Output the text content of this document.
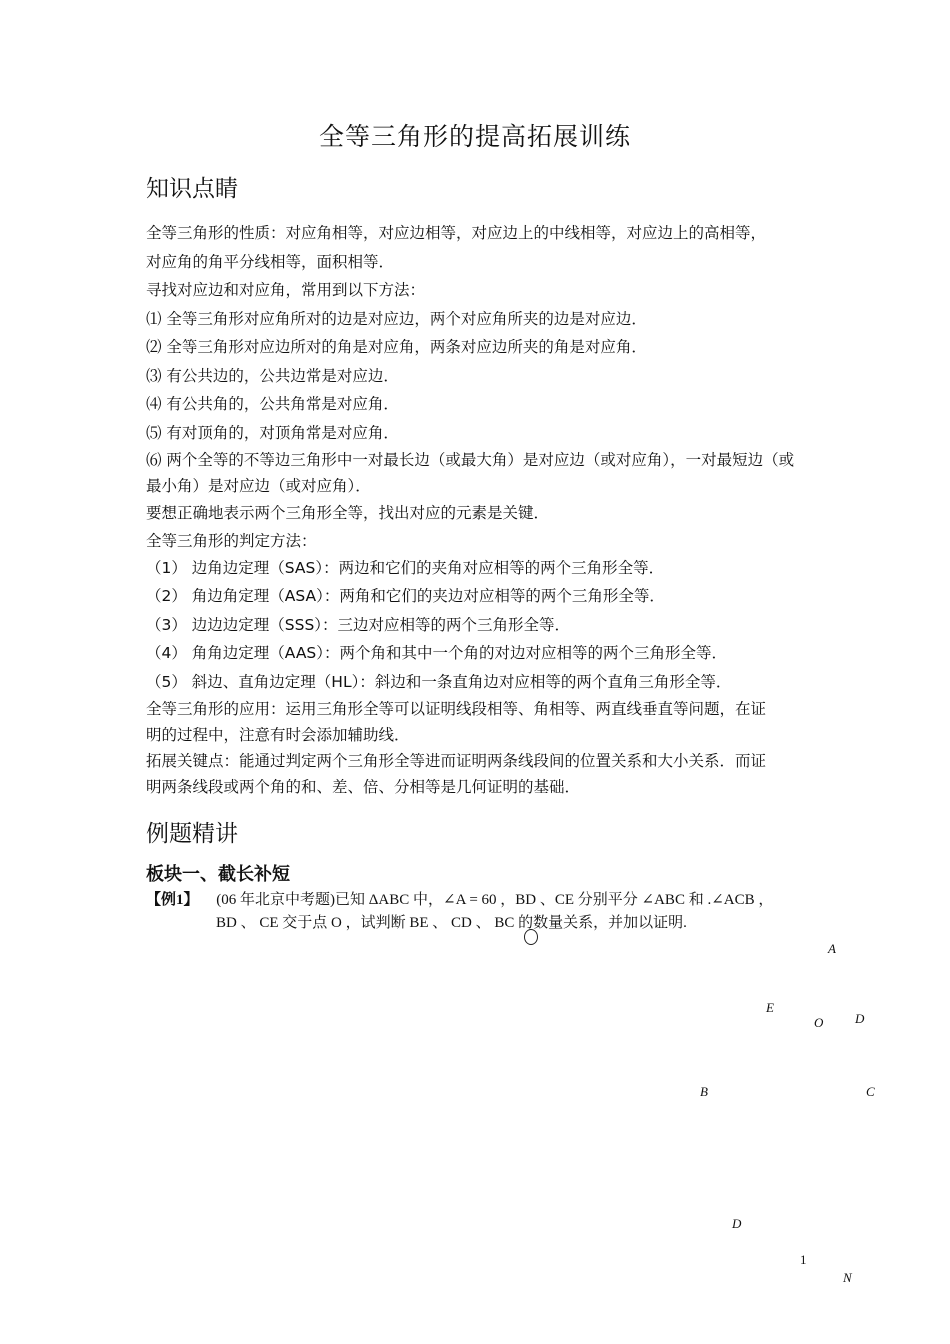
全等三角形的提高拓展训练
知识点睛

全等三角形的性质：对应角相等，对应边相等，对应边上的中线相等，对应边上的高相等，

对应角的角平分线相等，面积相等．

寻找对应边和对应角，常用到以下方法：

⑴ 全等三角形对应角所对的边是对应边，两个对应角所夹的边是对应边．

⑵ 全等三角形对应边所对的角是对应角，两条对应边所夹的角是对应角．

⑶ 有公共边的，公共边常是对应边．

⑷ 有公共角的，公共角常是对应角．

⑸ 有对顶角的，对顶角常是对应角．

⑹ 两个全等的不等边三角形中一对最长边（或最大角）是对应边（或对应角），一对最短边（或

最小角）是对应边（或对应角）．

要想正确地表示两个三角形全等，找出对应的元素是关键．

全等三角形的判定方法：

（1） 边角边定理（SAS）：两边和它们的夹角对应相等的两个三角形全等．

（2） 角边角定理（ASA）：两角和它们的夹边对应相等的两个三角形全等．

（3） 边边边定理（SSS）：三边对应相等的两个三角形全等．

（4） 角角边定理（AAS）：两个角和其中一个角的对边对应相等的两个三角形全等．

（5） 斜边、直角边定理（HL）：斜边和一条直角边对应相等的两个直角三角形全等．

全等三角形的应用：运用三角形全等可以证明线段相等、角相等、两直线垂直等问题，在证

明的过程中，注意有时会添加辅助线．

拓展关键点：能通过判定两个三角形全等进而证明两条线段间的位置关系和大小关系．而证

明两条线段或两个角的和、差、倍、分相等是几何证明的基础．

例题精讲
板块一、截长补短
【例1】 (06 年北京中考题)已知 ΔABC 中，∠A = 60 ，BD 、CE 分别平分 ∠ABC 和 .∠ACB ，
BD 、 CE 交于点 O ，试判断 BE 、 CD 、 BC 的数量关系，并加以证明.
A
E
O D
B	C
D
N
1
